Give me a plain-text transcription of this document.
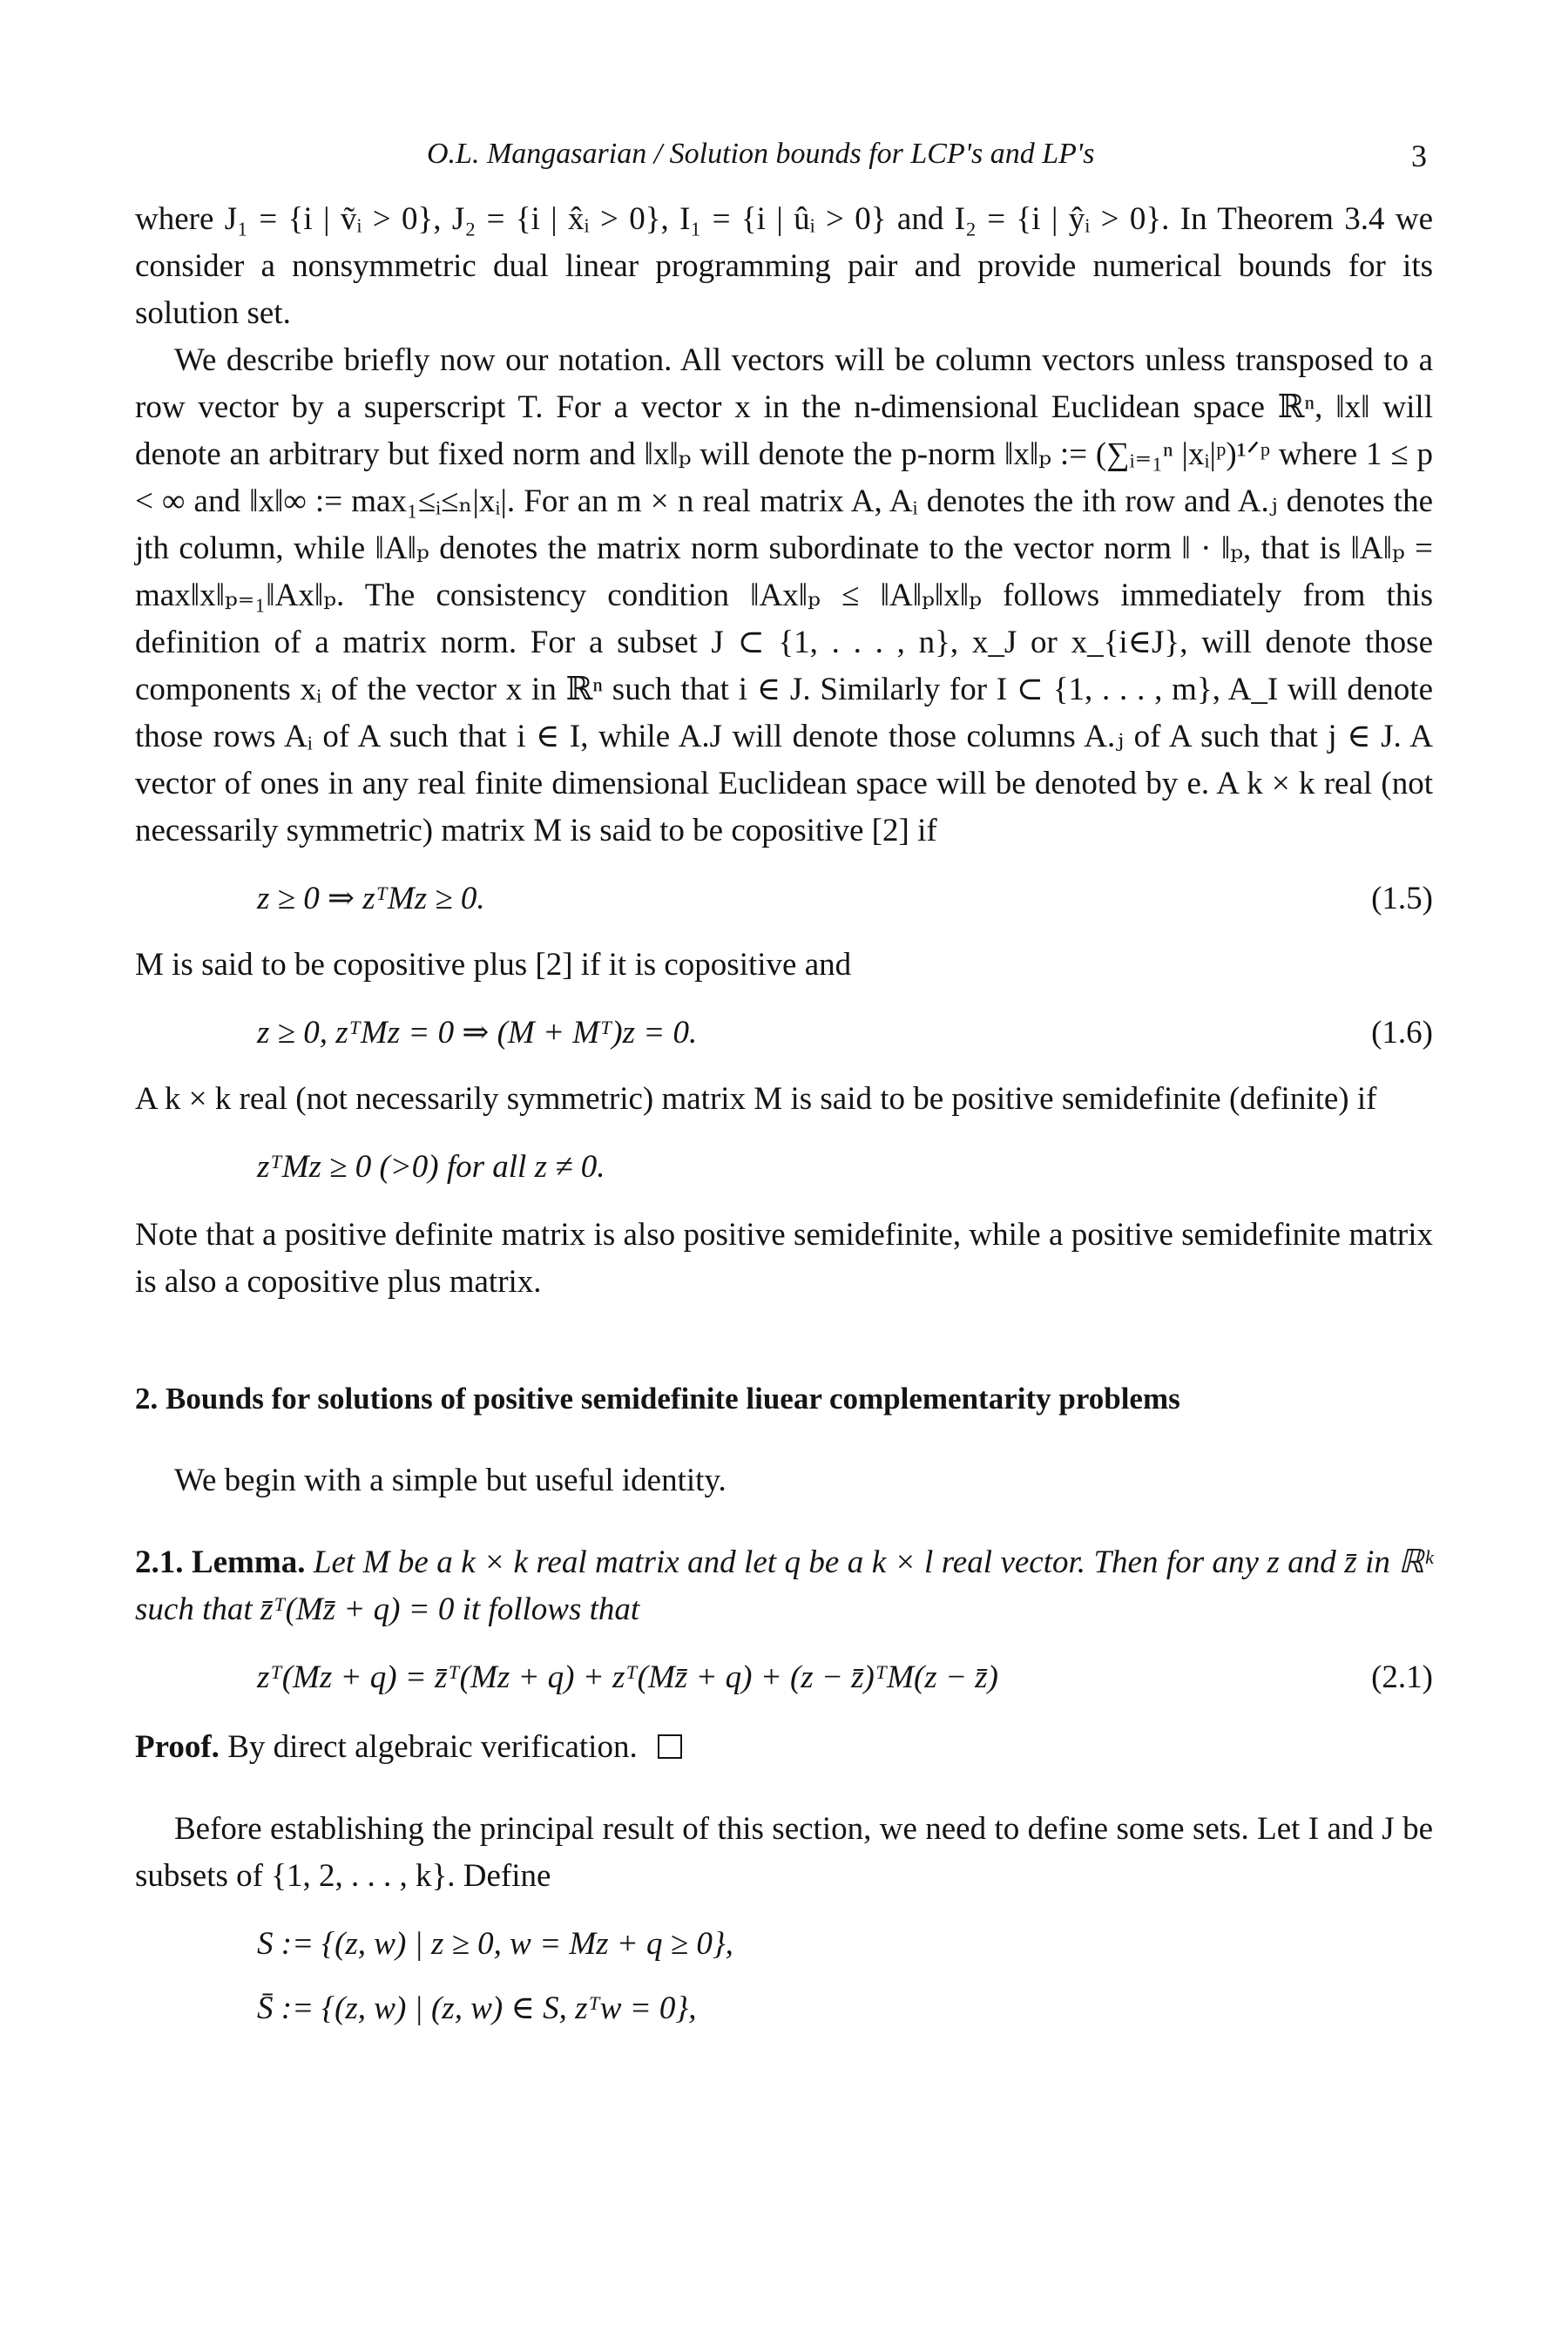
O.L. Mangasarian / Solution bounds for LCP's and LP's	3

where J₁ = {i | ṽᵢ > 0}, J₂ = {i | x̂ᵢ > 0}, I₁ = {i | ûᵢ > 0} and I₂ = {i | ŷᵢ > 0}. In Theorem 3.4 we consider a nonsymmetric dual linear programming pair and provide numerical bounds for its solution set.

We describe briefly now our notation. All vectors will be column vectors unless transposed to a row vector by a superscript T. For a vector x in the n-dimensional Euclidean space ℝⁿ, ‖x‖ will denote an arbitrary but fixed norm and ‖x‖ₚ will denote the p-norm ‖x‖ₚ := (∑ᵢ₌₁ⁿ |xᵢ|ᵖ)¹ᐟᵖ where 1 ≤ p < ∞ and ‖x‖∞ := max₁≤ᵢ≤ₙ|xᵢ|. For an m × n real matrix A, Aᵢ denotes the ith row and A.ⱼ denotes the jth column, while ‖A‖ₚ denotes the matrix norm subordinate to the vector norm ‖ · ‖ₚ, that is ‖A‖ₚ = max‖x‖ₚ₌₁‖Ax‖ₚ. The consistency condition ‖Ax‖ₚ ≤ ‖A‖ₚ‖x‖ₚ follows immediately from this definition of a matrix norm. For a subset J ⊂ {1, . . . , n}, x_J or x_{i∈J}, will denote those components xᵢ of the vector x in ℝⁿ such that i ∈ J. Similarly for I ⊂ {1, . . . , m}, A_I will denote those rows Aᵢ of A such that i ∈ I, while A.J will denote those columns A.ⱼ of A such that j ∈ J. A vector of ones in any real finite dimensional Euclidean space will be denoted by e. A k × k real (not necessarily symmetric) matrix M is said to be copositive [2] if

z ≥ 0 ⇒ zᵀMz ≥ 0.	(1.5)

M is said to be copositive plus [2] if it is copositive and

z ≥ 0, zᵀMz = 0 ⇒ (M + Mᵀ)z = 0.	(1.6)

A k × k real (not necessarily symmetric) matrix M is said to be positive semidefinite (definite) if

zᵀMz ≥ 0 (>0) for all z ≠ 0.

Note that a positive definite matrix is also positive semidefinite, while a positive semidefinite matrix is also a copositive plus matrix.

2. Bounds for solutions of positive semidefinite liuear complementarity problems

We begin with a simple but useful identity.

2.1. Lemma. Let M be a k × k real matrix and let q be a k × l real vector. Then for any z and z̄ in ℝᵏ such that z̄ᵀ(Mz̄ + q) = 0 it follows that

zᵀ(Mz + q) = z̄ᵀ(Mz + q) + zᵀ(Mz̄ + q) + (z − z̄)ᵀM(z − z̄)	(2.1)

Proof. By direct algebraic verification.

Before establishing the principal result of this section, we need to define some sets. Let I and J be subsets of {1, 2, . . . , k}. Define

S := {(z, w) | z ≥ 0, w = Mz + q ≥ 0},
S̄ := {(z, w) | (z, w) ∈ S, zᵀw = 0},
